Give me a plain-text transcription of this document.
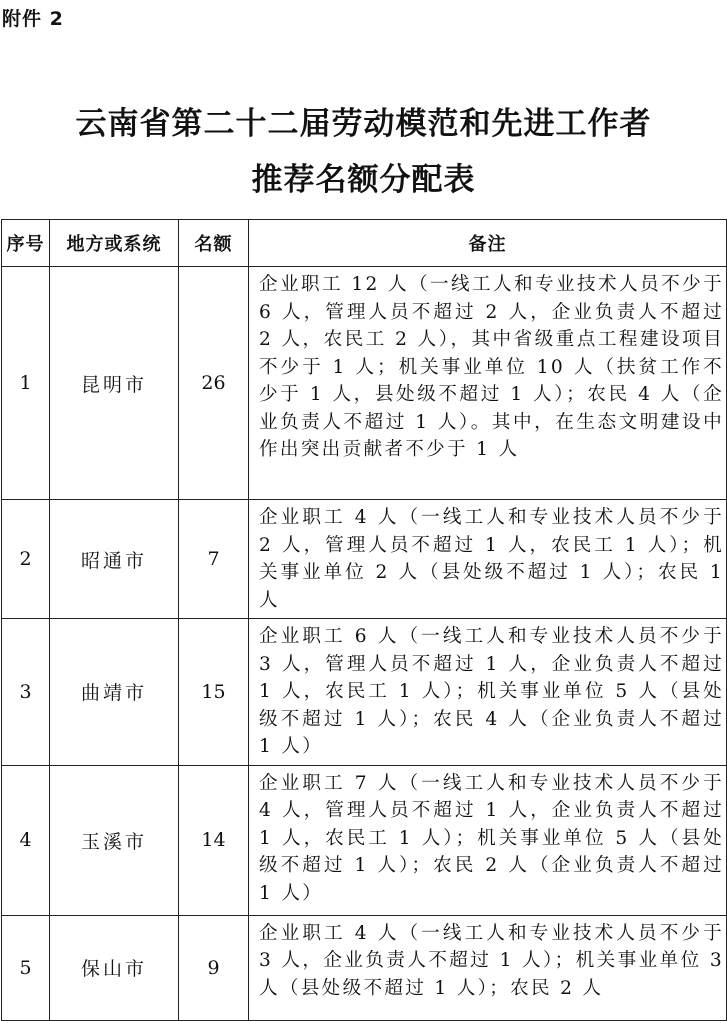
附件 2
云南省第二十二届劳动模范和先进工作者
推荐名额分配表
序号	地方或系统	名额	备注
1	昆明市	26	企业职工 12 人（一线工人和专业技术人员不少于 6 人，管理人员不超过 2 人，企业负责人不超过 2 人，农民工 2 人），其中省级重点工程建设项目不少于 1 人；机关事业单位 10 人（扶贫工作不少于 1 人，县处级不超过 1 人）；农民 4 人（企业负责人不超过 1 人）。其中，在生态文明建设中作出突出贡献者不少于 1 人
2	昭通市	7	企业职工 4 人（一线工人和专业技术人员不少于 2 人，管理人员不超过 1 人，农民工 1 人）；机关事业单位 2 人（县处级不超过 1 人）；农民 1 人
3	曲靖市	15	企业职工 6 人（一线工人和专业技术人员不少于 3 人，管理人员不超过 1 人，企业负责人不超过 1 人，农民工 1 人）；机关事业单位 5 人（县处级不超过 1 人）；农民 4 人（企业负责人不超过 1 人）
4	玉溪市	14	企业职工 7 人（一线工人和专业技术人员不少于 4 人，管理人员不超过 1 人，企业负责人不超过 1 人，农民工 1 人）；机关事业单位 5 人（县处级不超过 1 人）；农民 2 人（企业负责人不超过 1 人）
5	保山市	9	企业职工 4 人（一线工人和专业技术人员不少于 3 人，企业负责人不超过 1 人）；机关事业单位 3 人（县处级不超过 1 人）；农民 2 人
